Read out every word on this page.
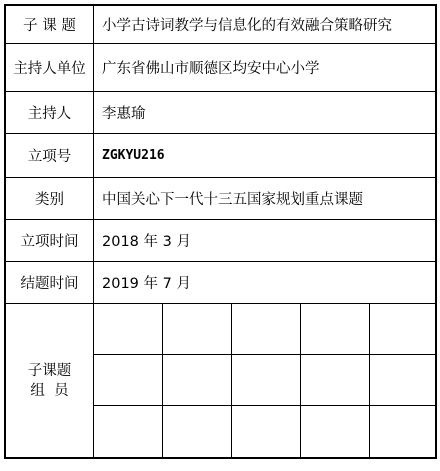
子 课 题	小学古诗词教学与信息化的有效融合策略研究
主持人单位	广东省佛山市顺德区均安中心小学
主持人	李惠瑜
立项号	ZGKYU216
类别	中国关心下一代十三五国家规划重点课题
立项时间	2018 年 3 月
结题时间	2019 年 7 月
子课题
组  员
